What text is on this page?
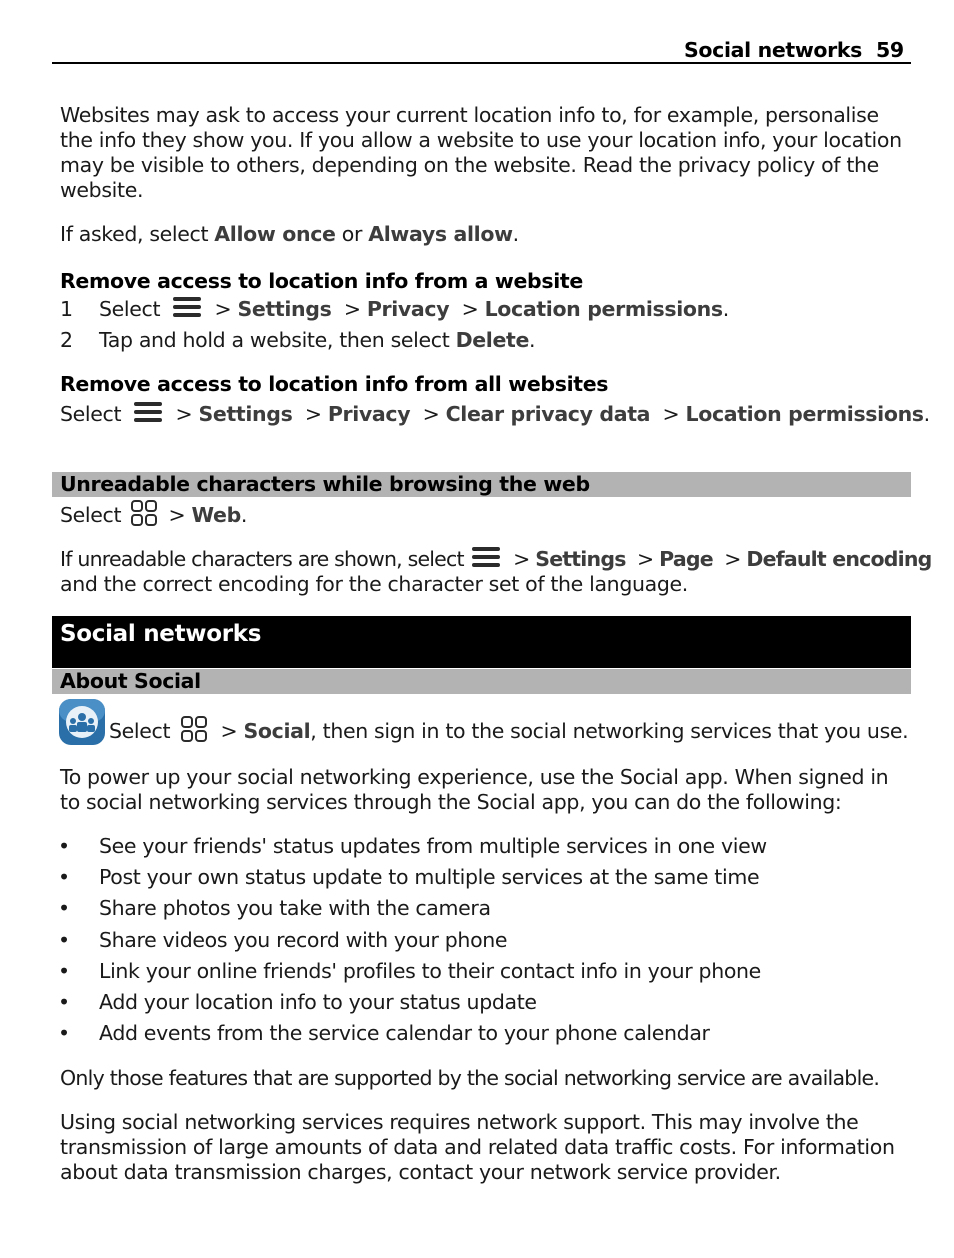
Social networks 59
Websites may ask to access your current location info to, for example, personalise the info they show you. If you allow a website to use your location info, your location may be visible to others, depending on the website. Read the privacy policy of the website.
If asked, select Allow once or Always allow.
Remove access to location info from a website
1 Select	> Settings > Privacy > Location permissions.
2 Tap and hold a website, then select Delete.
Remove access to location info from all websites
Select	> Settings > Privacy > Clear privacy data > Location permissions.
Unreadable characters while browsing the web
Select > Web.
If unreadable characters are shown, select > Settings > Page > Default encoding
and the correct encoding for the character set of the language.
Social networks
About Social
Select > Social, then sign in to the social networking services that you use.
To power up your social networking experience, use the Social app. When signed in to social networking services through the Social app, you can do the following:
• See your friends' status updates from multiple services in one view
• Post your own status update to multiple services at the same time
• Share photos you take with the camera
• Share videos you record with your phone
• Link your online friends' profiles to their contact info in your phone
• Add your location info to your status update
• Add events from the service calendar to your phone calendar
Only those features that are supported by the social networking service are available.
Using social networking services requires network support. This may involve the transmission of large amounts of data and related data traffic costs. For information about data transmission charges, contact your network service provider.
